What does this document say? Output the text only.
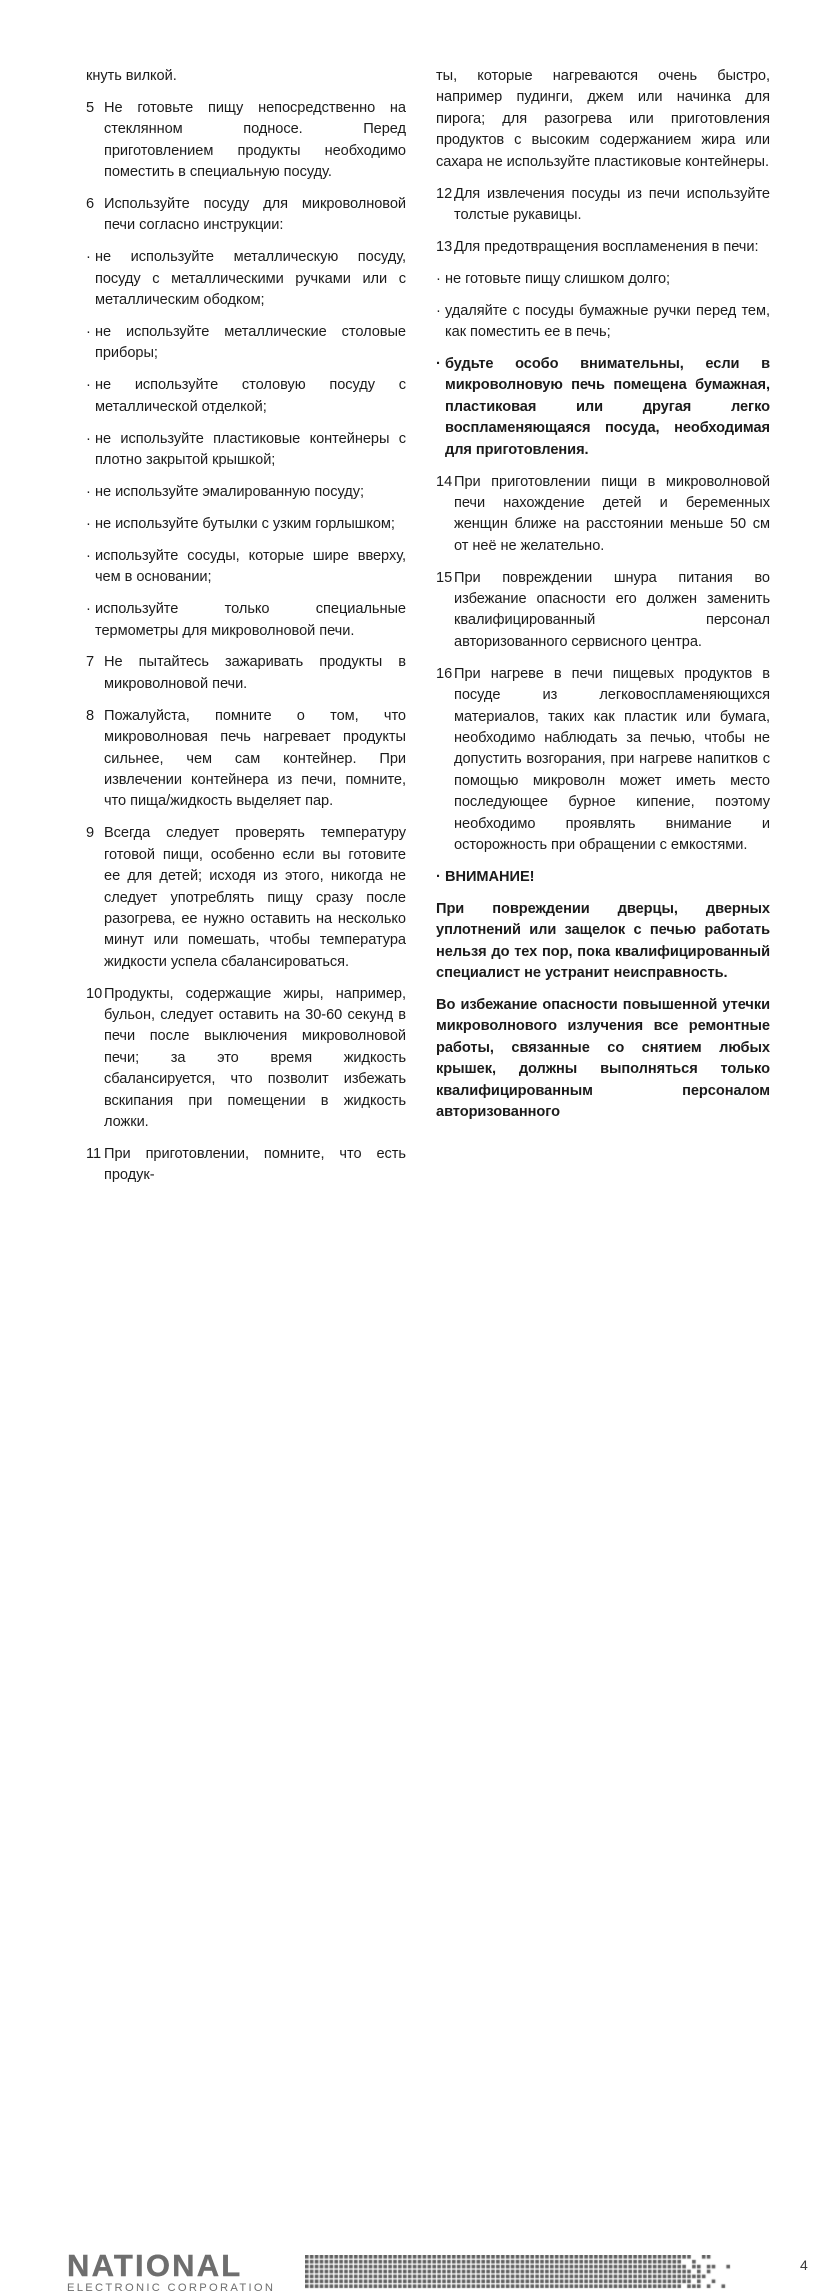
кнуть вилкой.
5 Не готовьте пищу непосредственно на стеклянном подносе. Перед приготовлением продукты необходимо поместить в специальную посуду.
6 Используйте посуду для микроволновой печи согласно инструкции:
· не используйте металлическую посуду, посуду с металлическими ручками или с металлическим ободком;
· не используйте металлические столовые приборы;
· не используйте столовую посуду с металлической отделкой;
· не используйте пластиковые контейнеры с плотно закрытой крышкой;
· не используйте эмалированную посуду;
· не используйте бутылки с узким горлышком;
· используйте сосуды, которые шире вверху, чем в основании;
· используйте только специальные термометры для микроволновой печи.
7 Не пытайтесь зажаривать продукты в микроволновой печи.
8 Пожалуйста, помните о том, что микроволновая печь нагревает продукты сильнее, чем сам контейнер. При извлечении контейнера из печи, помните, что пища/жидкость выделяет пар.
9 Всегда следует проверять температуру готовой пищи, особенно если вы готовите ее для детей; исходя из этого, никогда не следует употреблять пищу сразу после разогрева, ее нужно оставить на несколько минут или помешать, чтобы температура жидкости успела сбалансироваться.
10 Продукты, содержащие жиры, например, бульон, следует оставить на 30-60 секунд в печи после выключения микроволновой печи; за это время жидкость сбалансируется, что позволит избежать вскипания при помещении в жидкость ложки.
11 При приготовлении, помните, что есть продук-
ты, которые нагреваются очень быстро, например пудинги, джем или начинка для пирога; для разогрева или приготовления продуктов с высоким содержанием жира или сахара не используйте пластиковые контейнеры.
12 Для извлечения посуды из печи используйте толстые рукавицы.
13 Для предотвращения воспламенения в печи:
· не готовьте пищу слишком долго;
· удаляйте с посуды бумажные ручки перед тем, как поместить ее в печь;
· будьте особо внимательны, если в микроволновую печь помещена бумажная, пластиковая или другая легко воспламеняющаяся посуда, необходимая для приготовления.
14 При приготовлении пищи в микроволновой печи нахождение детей и беременных женщин ближе на расстоянии меньше 50 см от неё не желательно.
15 При повреждении шнура питания во избежание опасности его должен заменить квалифицированный персонал авторизованного сервисного центра.
16 При нагреве в печи пищевых продуктов в посуде из легковоспламеняющихся материалов, таких как пластик или бумага, необходимо наблюдать за печью, чтобы не допустить возгорания, при нагреве напитков с помощью микроволн может иметь место последующее бурное кипение, поэтому необходимо проявлять внимание и осторожность при обращении с емкостями.
· ВНИМАНИЕ!
При повреждении дверцы, дверных уплотнений или защелок с печью работать нельзя до тех пор, пока квалифицированный специалист не устранит неисправность.
Во избежание опасности повышенной утечки микроволнового излучения все ремонтные работы, связанные со снятием любых крышек, должны выполняться только квалифицированным персоналом авторизованного
NATIONAL
ELECTRONIC CORPORATION
4
